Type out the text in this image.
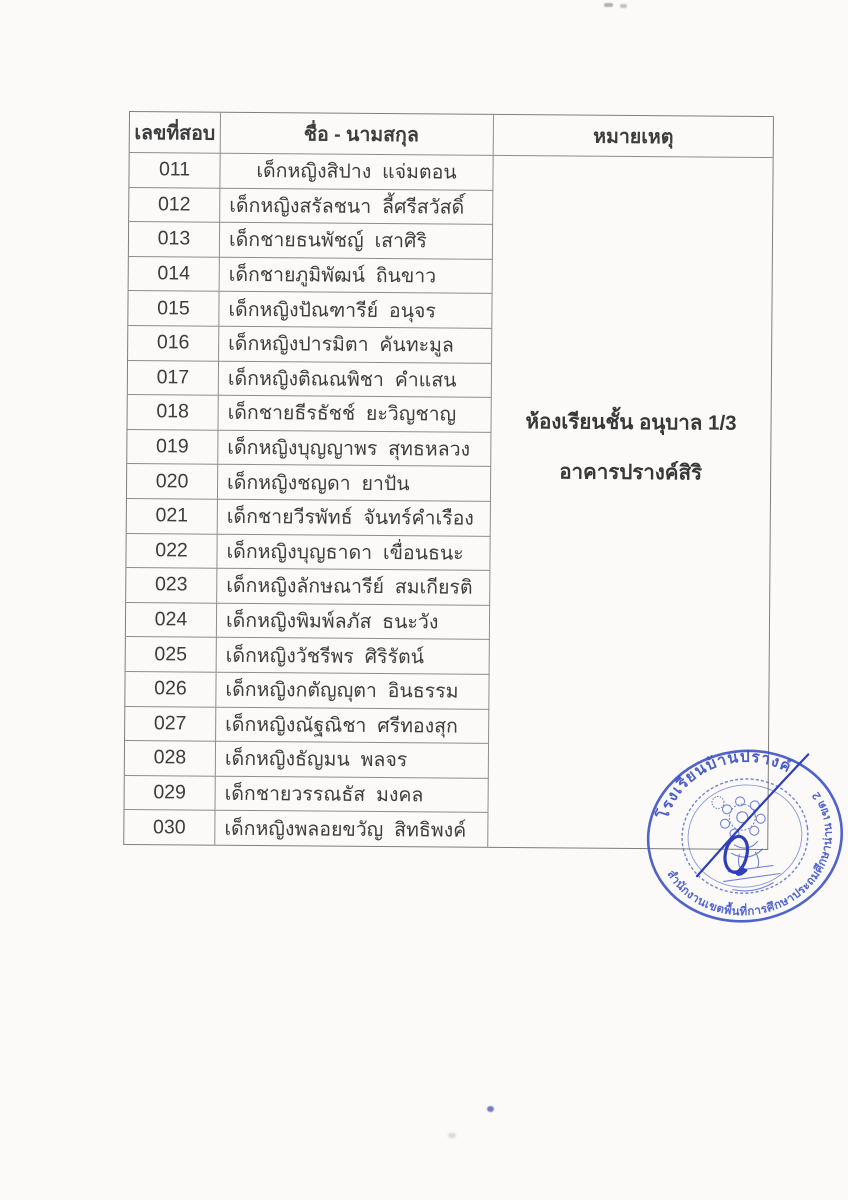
เลขที่สอบ	ชื่อ - นามสกุล	หมายเหตุ
011	เด็กหญิงสิปาง  แจ่มตอน
012	เด็กหญิงสรัลชนา  ลี้ศรีสวัสดิ์
013	เด็กชายธนพัชญ์  เสาศิริ
014	เด็กชายภูมิพัฒน์  ถินขาว
015	เด็กหญิงปัณฑารีย์  อนุจร
016	เด็กหญิงปารมิตา  คันทะมูล
017	เด็กหญิงติณณพิชา  คำแสน
018	เด็กชายธีรธัชช์  ยะวิญชาญ
019	เด็กหญิงบุญญาพร  สุทธหลวง
020	เด็กหญิงชญดา  ยาปัน
021	เด็กชายวีรพัทธ์  จันทร์คำเรือง
022	เด็กหญิงบุญธาดา  เขื่อนธนะ
023	เด็กหญิงลักษณารีย์  สมเกียรติ
024	เด็กหญิงพิมพ์ลภัส  ธนะวัง
025	เด็กหญิงวัชรีพร  ศิริรัตน์
026	เด็กหญิงกตัญญุตา  อินธรรม
027	เด็กหญิงณัฐณิชา  ศรีทองสุก
028	เด็กหญิงธัญมน  พลจร
029	เด็กชายวรรณธัส  มงคล
030	เด็กหญิงพลอยขวัญ  สิทธิพงค์
ห้องเรียนชั้น อนุบาล 1/3
อาคารปรางค์สิริ
โรงเรียนบ้านปรางค์
สำนักงานเขตพื้นที่การศึกษาประถมศึกษาน่าน เขต 2
